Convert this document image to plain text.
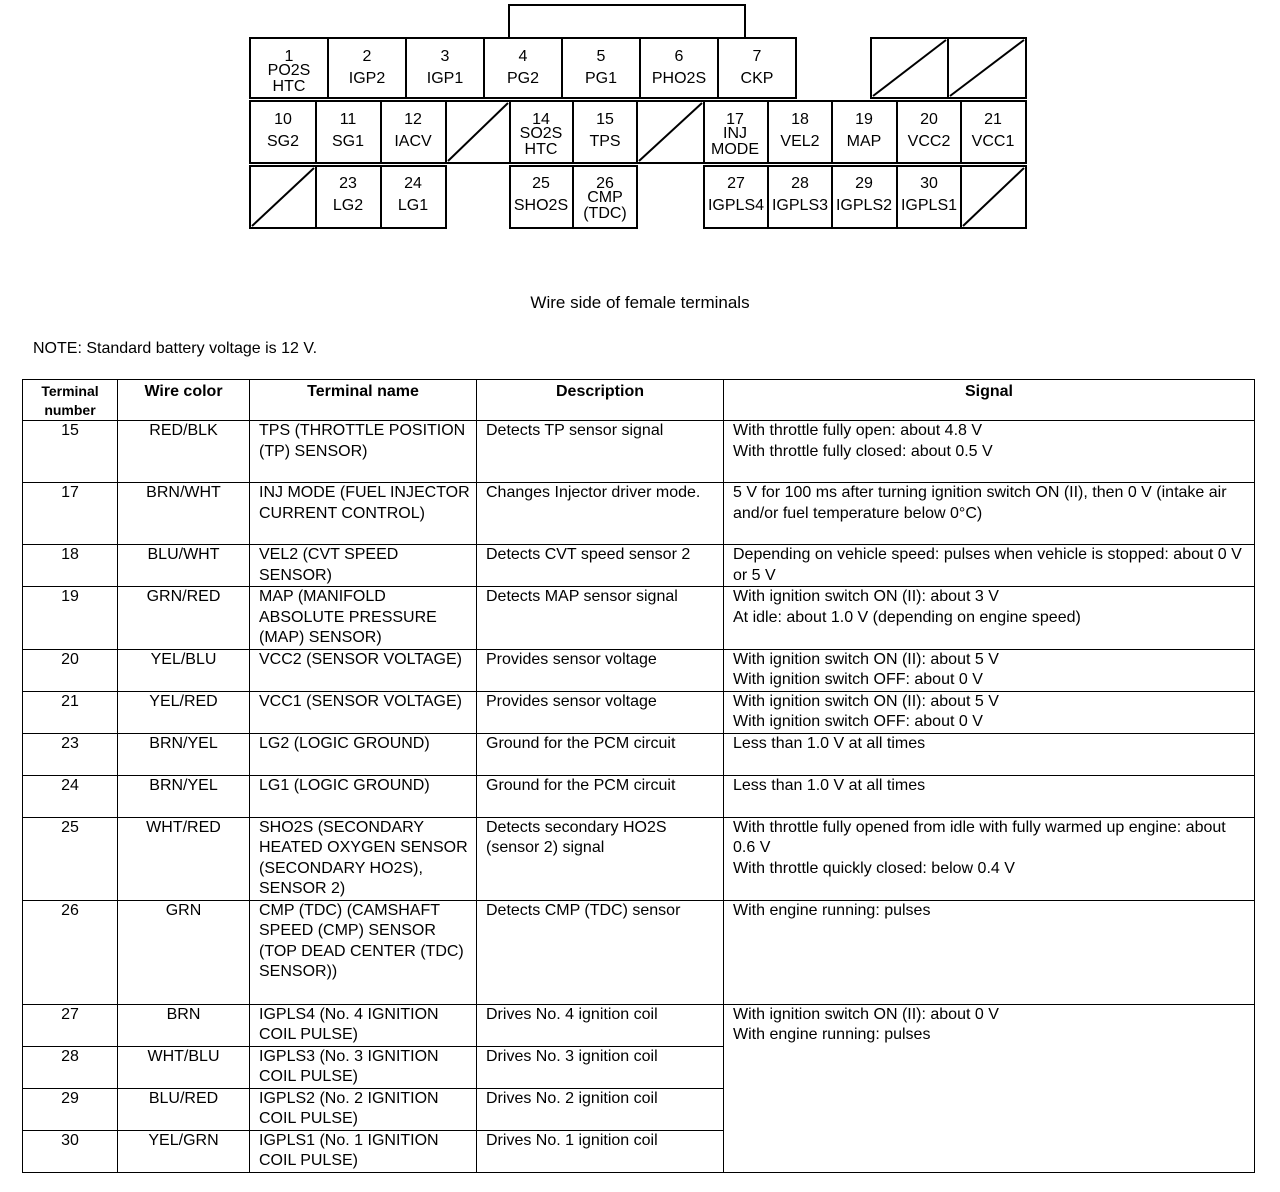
1
PO2S
HTC
2
IGP2
3
IGP1
4
PG2
5
PG1
6
PHO2S
7
CKP
10
SG2
11
SG1
12
IACV
14
SO2S
HTC
15
TPS
17
INJ
MODE
18
VEL2
19
MAP
20
VCC2
21
VCC1
23
LG2
24
LG1
25
SHO2S
26
CMP
(TDC)
27
IGPLS4
28
IGPLS3
29
IGPLS2
30
IGPLS1
Wire side of female terminals
NOTE: Standard battery voltage is 12 V.
Terminal
number	Wire color	Terminal name	Description	Signal
15	RED/BLK	TPS (THROTTLE POSITION (TP) SENSOR)	Detects TP sensor signal	With throttle fully open: about 4.8 V
With throttle fully closed: about 0.5 V

17	BRN/WHT	INJ MODE (FUEL INJECTOR CURRENT CONTROL)	Changes Injector driver mode.	5 V for 100 ms after turning ignition switch ON (II), then 0 V (intake air and/or fuel temperature below 0°C)

18	BLU/WHT	VEL2 (CVT SPEED SENSOR)	Detects CVT speed sensor 2	Depending on vehicle speed: pulses when vehicle is stopped: about 0 V or 5 V

19	GRN/RED	MAP (MANIFOLD ABSOLUTE PRESSURE (MAP) SENSOR)	Detects MAP sensor signal	With ignition switch ON (II): about 3 V
At idle: about 1.0 V (depending on engine speed)

20	YEL/BLU	VCC2 (SENSOR VOLTAGE)	Provides sensor voltage	With ignition switch ON (II): about 5 V
With ignition switch OFF: about 0 V

21	YEL/RED	VCC1 (SENSOR VOLTAGE)	Provides sensor voltage	With ignition switch ON (II): about 5 V
With ignition switch OFF: about 0 V

23	BRN/YEL	LG2 (LOGIC GROUND)	Ground for the PCM circuit	Less than 1.0 V at all times

24	BRN/YEL	LG1 (LOGIC GROUND)	Ground for the PCM circuit	Less than 1.0 V at all times

25	WHT/RED	SHO2S (SECONDARY HEATED OXYGEN SENSOR (SECONDARY HO2S), SENSOR 2)	Detects secondary HO2S (sensor 2) signal	With throttle fully opened from idle with fully warmed up engine: about 0.6 V
With throttle quickly closed: below 0.4 V

26	GRN	CMP (TDC) (CAMSHAFT SPEED (CMP) SENSOR (TOP DEAD CENTER (TDC) SENSOR))	Detects CMP (TDC) sensor	With engine running: pulses

27	BRN	IGPLS4 (No. 4 IGNITION COIL PULSE)	Drives No. 4 ignition coil	With ignition switch ON (II): about 0 V
With engine running: pulses

28	WHT/BLU	IGPLS3 (No. 3 IGNITION COIL PULSE)	Drives No. 3 ignition coil	
29	BLU/RED	IGPLS2 (No. 2 IGNITION COIL PULSE)	Drives No. 2 ignition coil	
30	YEL/GRN	IGPLS1 (No. 1 IGNITION COIL PULSE)	Drives No. 1 ignition coil	
